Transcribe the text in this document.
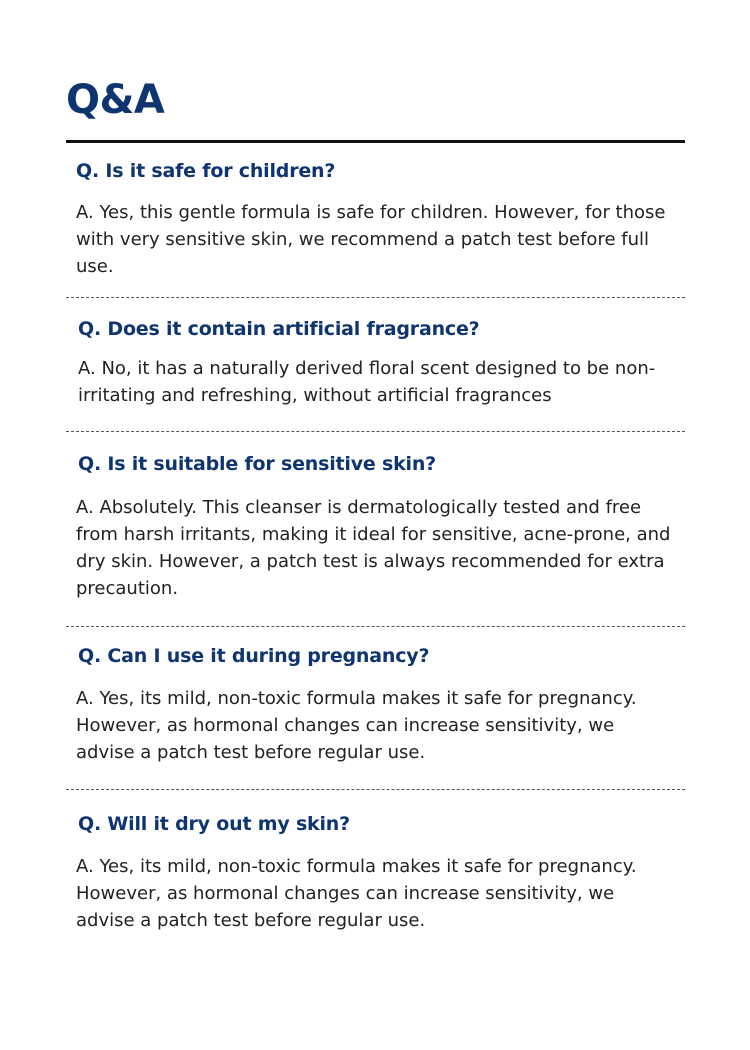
Q&A
Q. Is it safe for children?

A. Yes, this gentle formula is safe for children. However, for those with very sensitive skin, we recommend a patch test before full use.

Q. Does it contain artificial fragrance?

A. No, it has a naturally derived floral scent designed to be non-irritating and refreshing, without artificial fragrances

Q. Is it suitable for sensitive skin?

A. Absolutely. This cleanser is dermatologically tested and free from harsh irritants, making it ideal for sensitive, acne-prone, and dry skin. However, a patch test is always recommended for extra precaution.

Q. Can I use it during pregnancy?

A. Yes, its mild, non-toxic formula makes it safe for pregnancy. However, as hormonal changes can increase sensitivity, we advise a patch test before regular use.

Q. Will it dry out my skin?

A. Yes, its mild, non-toxic formula makes it safe for pregnancy. However, as hormonal changes can increase sensitivity, we advise a patch test before regular use.
